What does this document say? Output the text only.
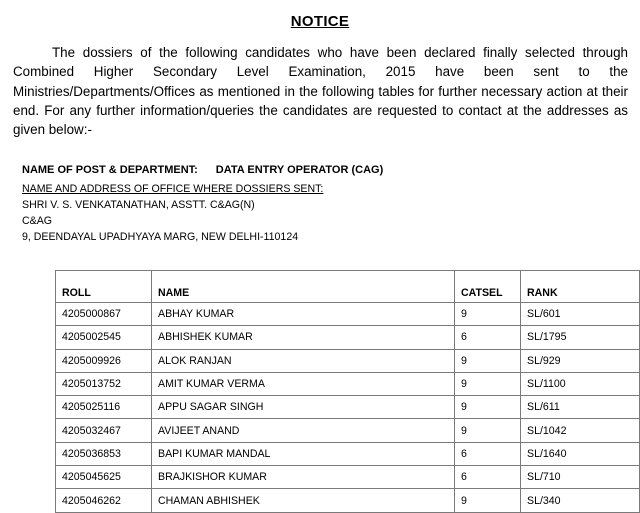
NOTICE
The dossiers of the following candidates who have been declared finally selected through Combined Higher Secondary Level Examination, 2015 have been sent to the Ministries/Departments/Offices as mentioned in the following tables for further necessary action at their end. For any further information/queries the candidates are requested to contact at the addresses as given below:-
NAME OF POST & DEPARTMENT: DATA ENTRY OPERATOR (CAG)
NAME AND ADDRESS OF OFFICE WHERE DOSSIERS SENT:
SHRI V. S. VENKATANATHAN, ASSTT. C&AG(N)
C&AG
9, DEENDAYAL UPADHYAYA MARG, NEW DELHI-110124
ROLL	NAME	CATSEL	RANK
4205000867	ABHAY KUMAR	9	SL/601
4205002545	ABHISHEK KUMAR	6	SL/1795
4205009926	ALOK RANJAN	9	SL/929
4205013752	AMIT KUMAR VERMA	9	SL/1100
4205025116	APPU SAGAR SINGH	9	SL/611
4205032467	AVIJEET ANAND	9	SL/1042
4205036853	BAPI KUMAR MANDAL	6	SL/1640
4205045625	BRAJKISHOR KUMAR	6	SL/710
4205046262	CHAMAN ABHISHEK	9	SL/340
